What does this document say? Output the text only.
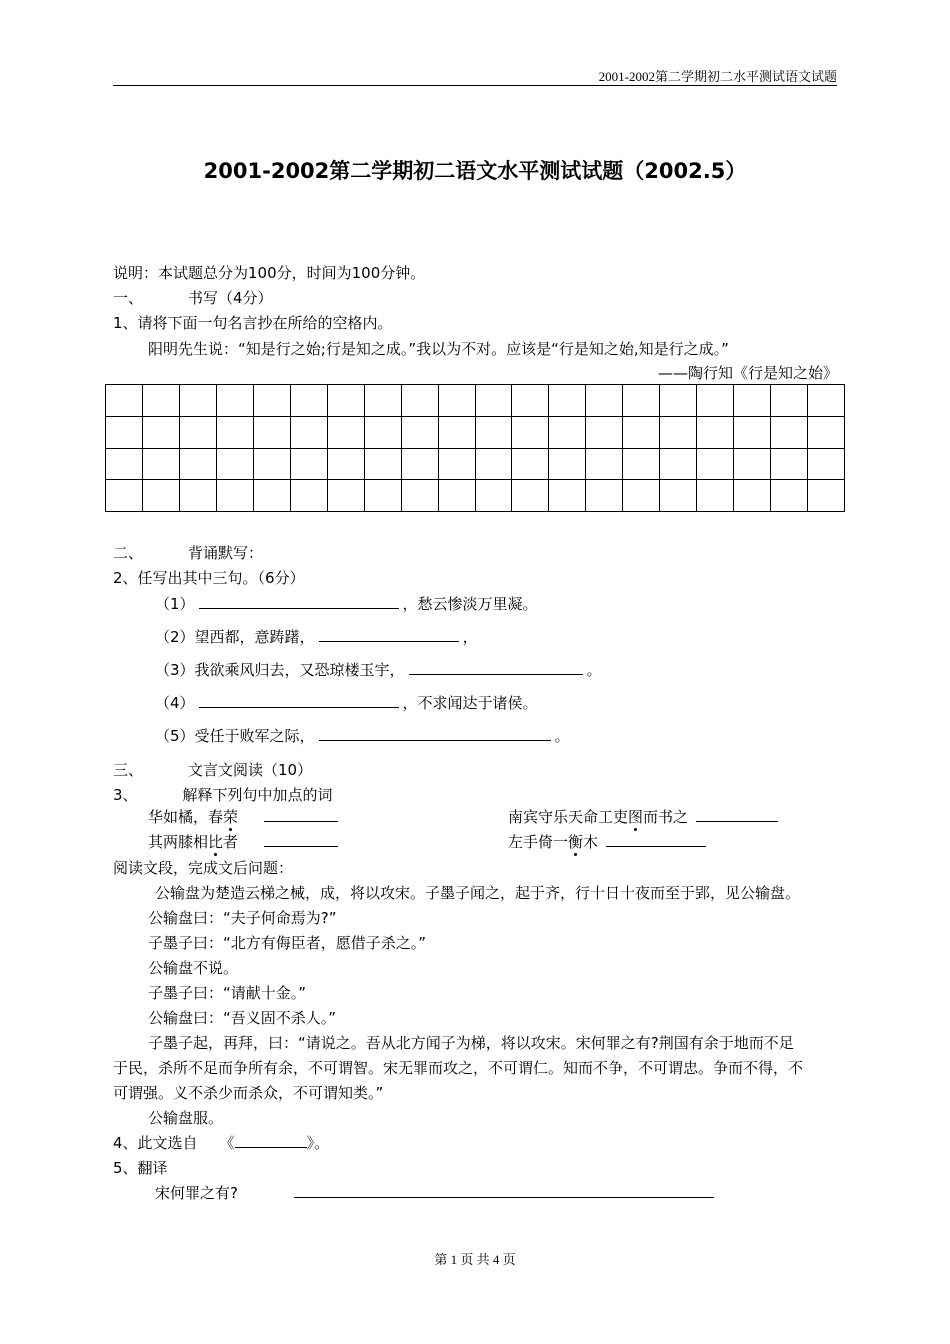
2001-2002第二学期初二水平测试语文试题
2001-2002第二学期初二语文水平测试试题（2002.5）
说明：本试题总分为100分，时间为100分钟。
一、	书写（4分）
1、请将下面一句名言抄在所给的空格内。
阳明先生说：“知是行之始;行是知之成。”我以为不对。应该是“行是知之始,知是行之成。”
——陶行知《行是知之始》
二、	背诵默写：
2、任写出其中三句。（6分）
（1）	，愁云惨淡万里凝。
（2）望西都，意踌躇，	，
（3）我欲乘风归去，又恐琼楼玉宇，	。
（4）	，不求闻达于诸侯。
（5）受任于败军之际，	。
三、	文言文阅读（10）
3、	解释下列句中加点的词
华如橘，春荣	南宾守乐天命工吏图而书之
其两膝相比者	左手倚一衡木
阅读文段，完成文后问题：
公输盘为楚造云梯之械，成，将以攻宋。子墨子闻之，起于齐，行十日十夜而至于郢，见公输盘。
公输盘曰：“夫子何命焉为?”
子墨子曰：“北方有侮臣者，愿借子杀之。”
公输盘不说。
子墨子曰：“请献十金。”
公输盘曰：“吾义固不杀人。”
子墨子起，再拜，曰：“请说之。吾从北方闻子为梯，将以攻宋。宋何罪之有?荆国有余于地而不足
于民，杀所不足而争所有余，不可谓智。宋无罪而攻之，不可谓仁。知而不争，不可谓忠。争而不得，不
可谓强。义不杀少而杀众，不可谓知类。”
公输盘服。
4、此文选自 《	》。
5、翻译
宋何罪之有?
第 1 页 共 4 页
